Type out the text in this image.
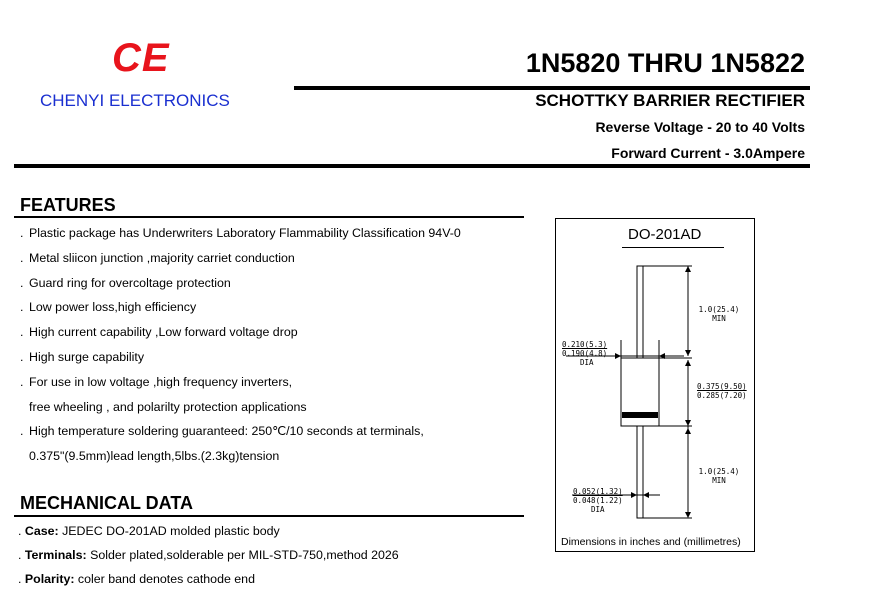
CE
CHENYI ELECTRONICS
1N5820 THRU 1N5822
SCHOTTKY BARRIER RECTIFIER
Reverse Voltage - 20 to 40 Volts
Forward Current - 3.0Ampere
FEATURES
. Plastic package has Underwriters Laboratory Flammability Classification 94V-0
. Metal sliicon junction ,majority carriet conduction
. Guard ring for overcoltage protection
. Low power loss,high efficiency
. High current capability ,Low forward voltage drop
. High surge capability
. For use in low voltage ,high frequency inverters,
free wheeling , and polarilty protection applications
. High temperature soldering guaranteed: 250℃/10 seconds at terminals,
0.375"(9.5mm)lead length,5lbs.(2.3kg)tension
MECHANICAL DATA
. Case: JEDEC DO-201AD molded plastic body
. Terminals: Solder plated,solderable per MIL-STD-750,method 2026
. Polarity: coler band denotes cathode end
DO-201AD
1.0(25.4)
MIN
0.210(5.3)
0.190(4.8)
DIA
0.375(9.50)
0.285(7.20)
1.0(25.4)
MIN
0.052(1.32)
0.048(1.22)
DIA
Dimensions in inches and (millimetres)
